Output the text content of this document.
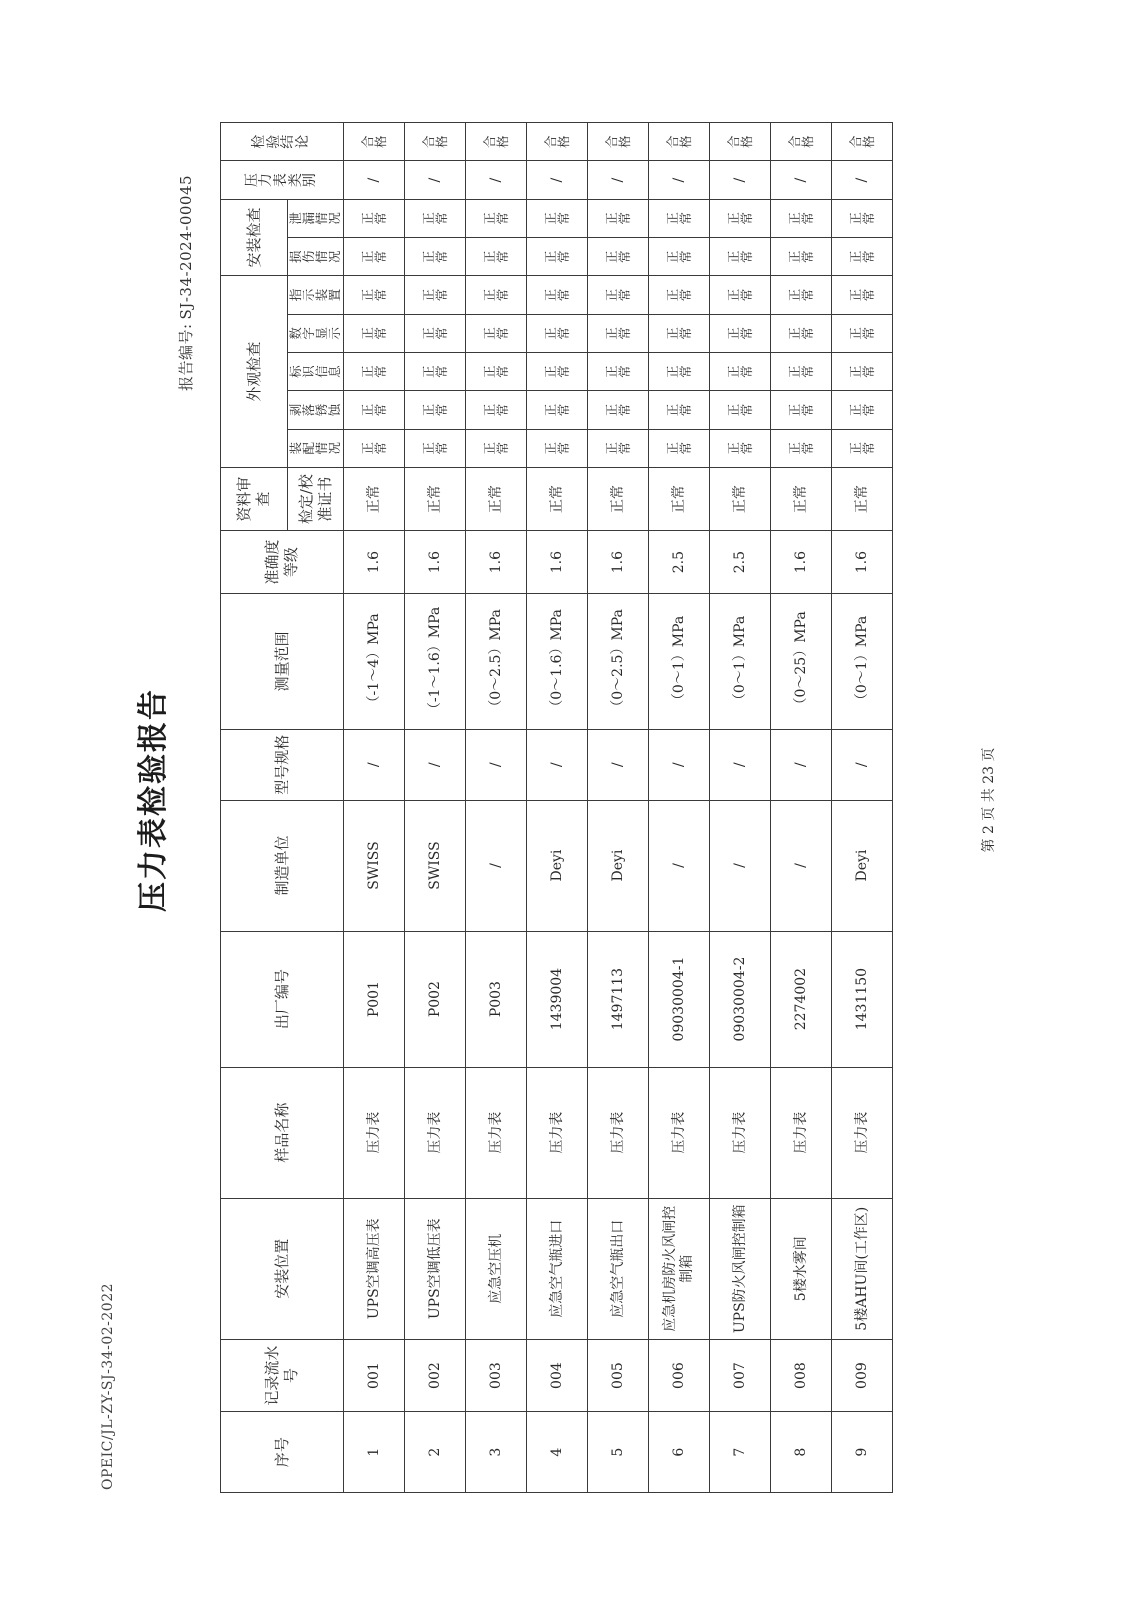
OPEIC/JL-ZY-SJ-34-02-2022
压力表检验报告
报告编号:SJ-34-2024-00045
序号	记录流水号	安装位置	样品名称	出厂编号	制造单位	型号规格	测量范围	准确度等级	资料审查	外观检查					安装检查		压力表类别	检验结论
									检定/校准证书	装配情况	剥落锈蚀	标识信息	数字显示	指示装置	损伤情况	泄漏情况		

1	001	UPS空调高压表	压力表	P001	SWISS	/	（-1～4）MPa	1.6	正常	正常	正常	正常	正常	正常	正常	正常	/	合格
2	002	UPS空调低压表	压力表	P002	SWISS	/	（-1～1.6）MPa	1.6	正常	正常	正常	正常	正常	正常	正常	正常	/	合格
3	003	应急空压机	压力表	P003	/	/	（0～2.5）MPa	1.6	正常	正常	正常	正常	正常	正常	正常	正常	/	合格
4	004	应急空气瓶进口	压力表	1439004	Deyi	/	（0～1.6）MPa	1.6	正常	正常	正常	正常	正常	正常	正常	正常	/	合格
5	005	应急空气瓶出口	压力表	1497113	Deyi	/	（0～2.5）MPa	1.6	正常	正常	正常	正常	正常	正常	正常	正常	/	合格
6	006	应急机房防火风闸控制箱	压力表	09030004-1	/	/	（0～1）MPa	2.5	正常	正常	正常	正常	正常	正常	正常	正常	/	合格
7	007	UPS防火风闸控制箱	压力表	09030004-2	/	/	（0～1）MPa	2.5	正常	正常	正常	正常	正常	正常	正常	正常	/	合格
8	008	5楼水雾间	压力表	2274002	/	/	（0～25）MPa	1.6	正常	正常	正常	正常	正常	正常	正常	正常	/	合格
9	009	5楼AHU间(工作区)	压力表	1431150	Deyi	/	（0～1）MPa	1.6	正常	正常	正常	正常	正常	正常	正常	正常	/	合格
第 2 页 共 23 页
